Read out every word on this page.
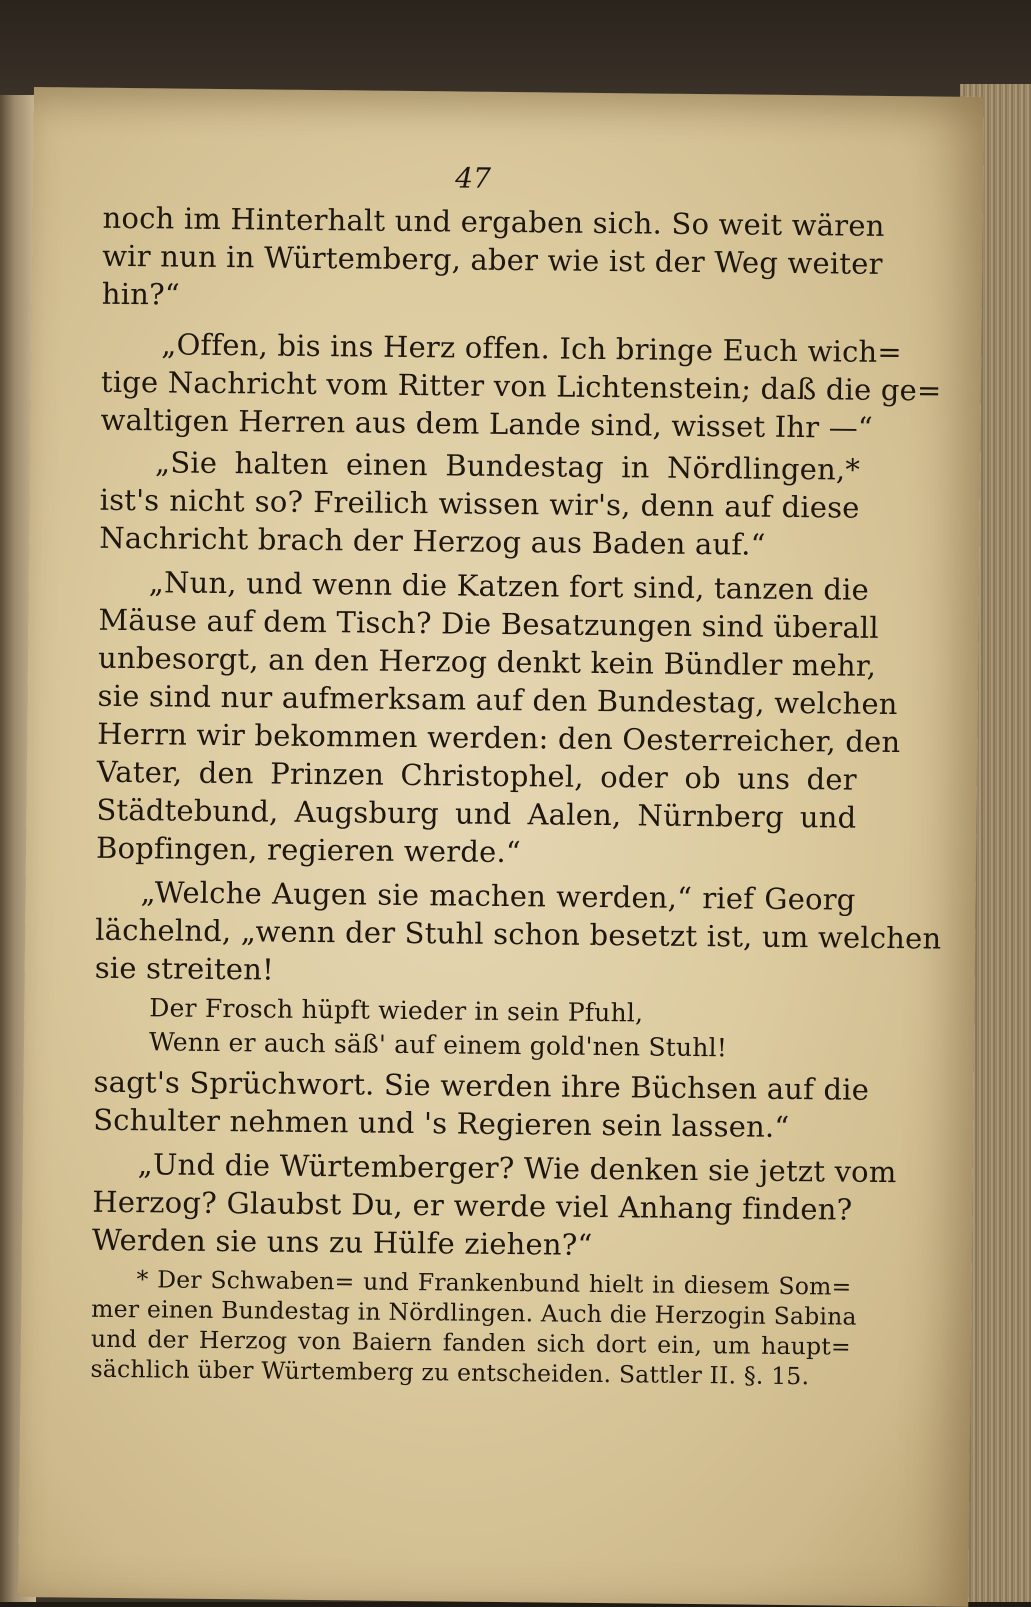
47
noch im Hinterhalt und ergaben sich. So weit wären
wir nun in Würtemberg, aber wie ist der Weg weiter
hin?“
„Offen, bis ins Herz offen. Ich bringe Euch wich=
tige Nachricht vom Ritter von Lichtenstein; daß die ge=
waltigen Herren aus dem Lande sind, wisset Ihr —“
„Sie halten einen Bundestag in Nördlingen,*
ist's nicht so? Freilich wissen wir's, denn auf diese
Nachricht brach der Herzog aus Baden auf.“
„Nun, und wenn die Katzen fort sind, tanzen die
Mäuse auf dem Tisch? Die Besatzungen sind überall
unbesorgt, an den Herzog denkt kein Bündler mehr,
sie sind nur aufmerksam auf den Bundestag, welchen
Herrn wir bekommen werden: den Oesterreicher, den
Vater, den Prinzen Christophel, oder ob uns der
Städtebund, Augsburg und Aalen, Nürnberg und
Bopfingen, regieren werde.“
„Welche Augen sie machen werden,“ rief Georg
lächelnd, „wenn der Stuhl schon besetzt ist, um welchen
sie streiten!
Der Frosch hüpft wieder in sein Pfuhl,
Wenn er auch säß' auf einem gold'nen Stuhl!
sagt's Sprüchwort. Sie werden ihre Büchsen auf die
Schulter nehmen und 's Regieren sein lassen.“
„Und die Würtemberger? Wie denken sie jetzt vom
Herzog? Glaubst Du, er werde viel Anhang finden?
Werden sie uns zu Hülfe ziehen?“
* Der Schwaben= und Frankenbund hielt in diesem Som=
mer einen Bundestag in Nördlingen. Auch die Herzogin Sabina
und der Herzog von Baiern fanden sich dort ein, um haupt=
sächlich über Würtemberg zu entscheiden. Sattler II. §. 15.
